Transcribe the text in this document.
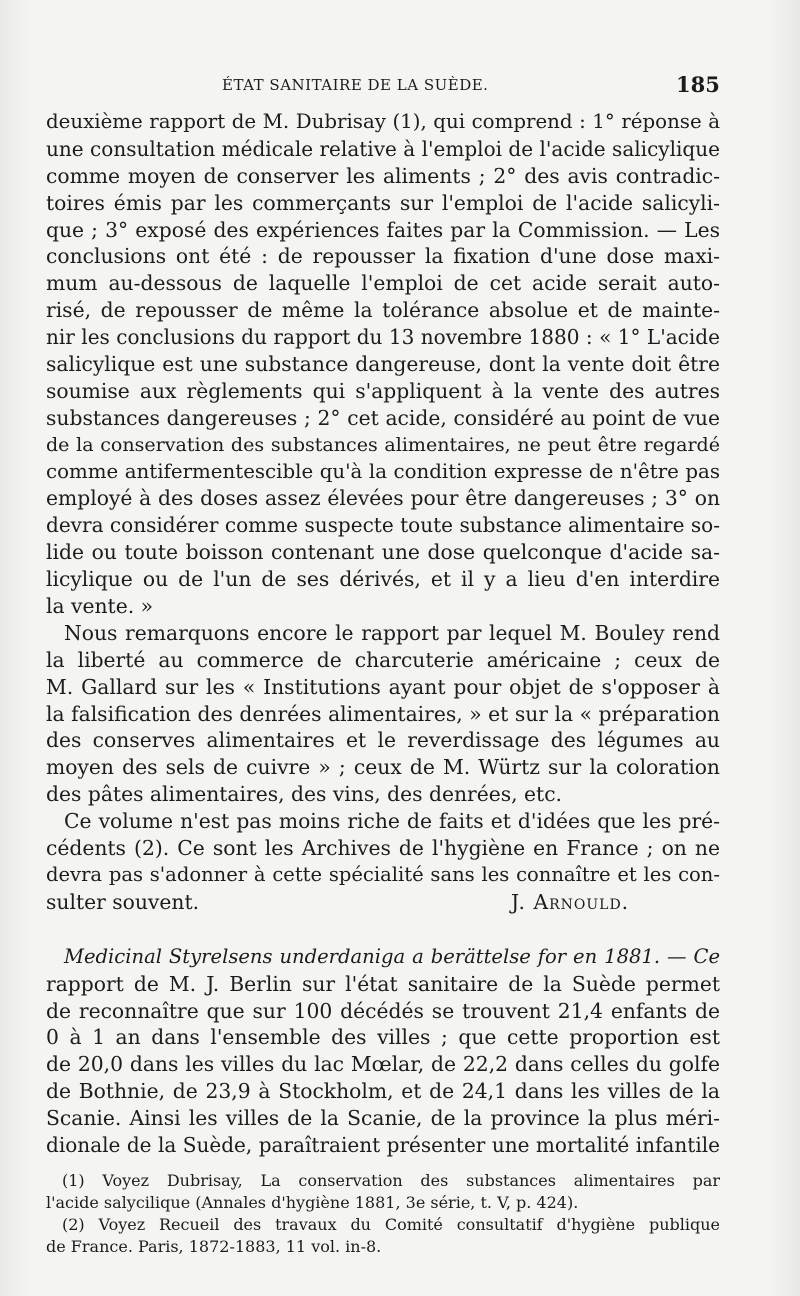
ÉTAT SANITAIRE DE LA SUÈDE.	185
deuxième rapport de M. Dubrisay (1), qui comprend : 1° réponse à
une consultation médicale relative à l'emploi de l'acide salicylique
comme moyen de conserver les aliments ; 2° des avis contradic-
toires émis par les commerçants sur l'emploi de l'acide salicyli-
que ; 3° exposé des expériences faites par la Commission. — Les
conclusions ont été : de repousser la fixation d'une dose maxi-
mum au-dessous de laquelle l'emploi de cet acide serait auto-
risé, de repousser de même la tolérance absolue et de mainte-
nir les conclusions du rapport du 13 novembre 1880 : « 1° L'acide
salicylique est une substance dangereuse, dont la vente doit être
soumise aux règlements qui s'appliquent à la vente des autres
substances dangereuses ; 2° cet acide, considéré au point de vue
de la conservation des substances alimentaires, ne peut être regardé
comme antifermentescible qu'à la condition expresse de n'être pas
employé à des doses assez élevées pour être dangereuses ; 3° on
devra considérer comme suspecte toute substance alimentaire so-
lide ou toute boisson contenant une dose quelconque d'acide sa-
licylique ou de l'un de ses dérivés, et il y a lieu d'en interdire
la vente. »
Nous remarquons encore le rapport par lequel M. Bouley rend
la liberté au commerce de charcuterie américaine ; ceux de
M. Gallard sur les « Institutions ayant pour objet de s'opposer à
la falsification des denrées alimentaires, » et sur la « préparation
des conserves alimentaires et le reverdissage des légumes au
moyen des sels de cuivre » ; ceux de M. Würtz sur la coloration
des pâtes alimentaires, des vins, des denrées, etc.
Ce volume n'est pas moins riche de faits et d'idées que les pré-
cédents (2). Ce sont les Archives de l'hygiène en France ; on ne
devra pas s'adonner à cette spécialité sans les connaître et les con-
sulter souvent.	J. Arnould.
Medicinal Styrelsens underdaniga a berättelse for en 1881. — Ce
rapport de M. J. Berlin sur l'état sanitaire de la Suède permet
de reconnaître que sur 100 décédés se trouvent 21,4 enfants de
0 à 1 an dans l'ensemble des villes ; que cette proportion est
de 20,0 dans les villes du lac Mœlar, de 22,2 dans celles du golfe
de Bothnie, de 23,9 à Stockholm, et de 24,1 dans les villes de la
Scanie. Ainsi les villes de la Scanie, de la province la plus méri-
dionale de la Suède, paraîtraient présenter une mortalité infantile
(1) Voyez Dubrisay, La conservation des substances alimentaires par
l'acide salycilique (Annales d'hygiène 1881, 3e série, t. V, p. 424).
(2) Voyez Recueil des travaux du Comité consultatif d'hygiène publique
de France. Paris, 1872-1883, 11 vol. in-8.
